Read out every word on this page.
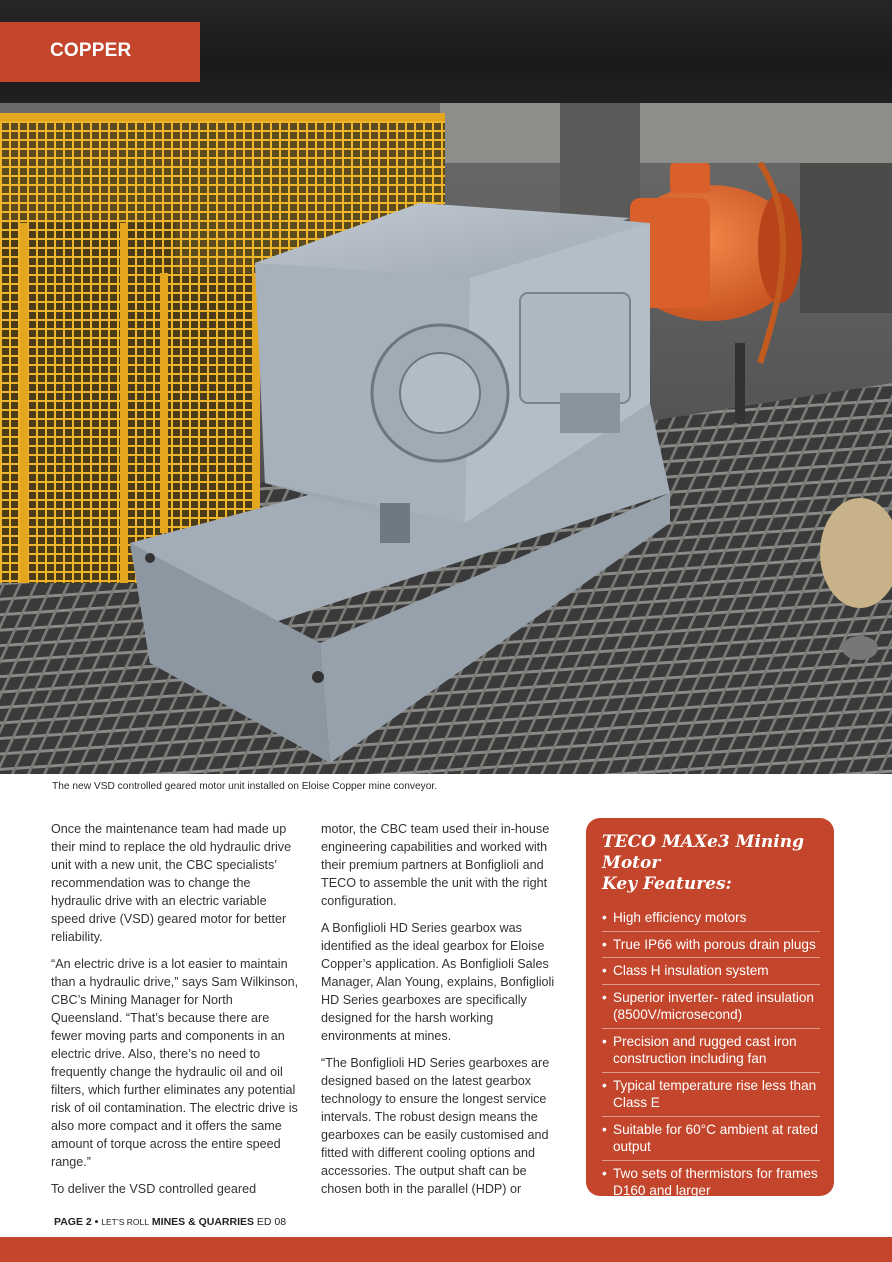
COPPER
The new VSD controlled geared motor unit installed on Eloise Copper mine conveyor.

Once the maintenance team had made up their mind to replace the old hydraulic drive unit with a new unit, the CBC specialists’ recommendation was to change the hydraulic drive with an electric variable speed drive (VSD) geared motor for better reliability.

“An electric drive is a lot easier to maintain than a hydraulic drive,” says Sam Wilkinson, CBC’s Mining Manager for North Queensland. “That’s because there are fewer moving parts and components in an electric drive. Also, there’s no need to frequently change the hydraulic oil and oil filters, which further eliminates any potential risk of oil contamination. The electric drive is also more compact and it offers the same amount of torque across the entire speed range.”

To deliver the VSD controlled geared

motor, the CBC team used their in-house engineering capabilities and worked with their premium partners at Bonfiglioli and TECO to assemble the unit with the right configuration.

A Bonfiglioli HD Series gearbox was identified as the ideal gearbox for Eloise Copper’s application. As Bonfiglioli Sales Manager, Alan Young, explains, Bonfiglioli HD Series gearboxes are specifically designed for the harsh working environments at mines.

“The Bonfiglioli HD Series gearboxes are designed based on the latest gearbox technology to ensure the longest service intervals. The robust design means the gearboxes can be easily customised and fitted with different cooling options and accessories. The output shaft can be chosen both in the parallel (HDP) or

TECO MAXe3 Mining Motor
Key Features:
• High efficiency motors
• True IP66 with porous drain plugs
• Class H insulation system
• Superior inverter- rated insulation (8500V/microsecond)
• Precision and rugged cast iron construction including fan
• Typical temperature rise less than Class E
• Suitable for 60°C ambient at rated output
• Two sets of thermistors for frames D160 and larger
PAGE 2 • LET’S ROLL MINES & QUARRIES ED 08
